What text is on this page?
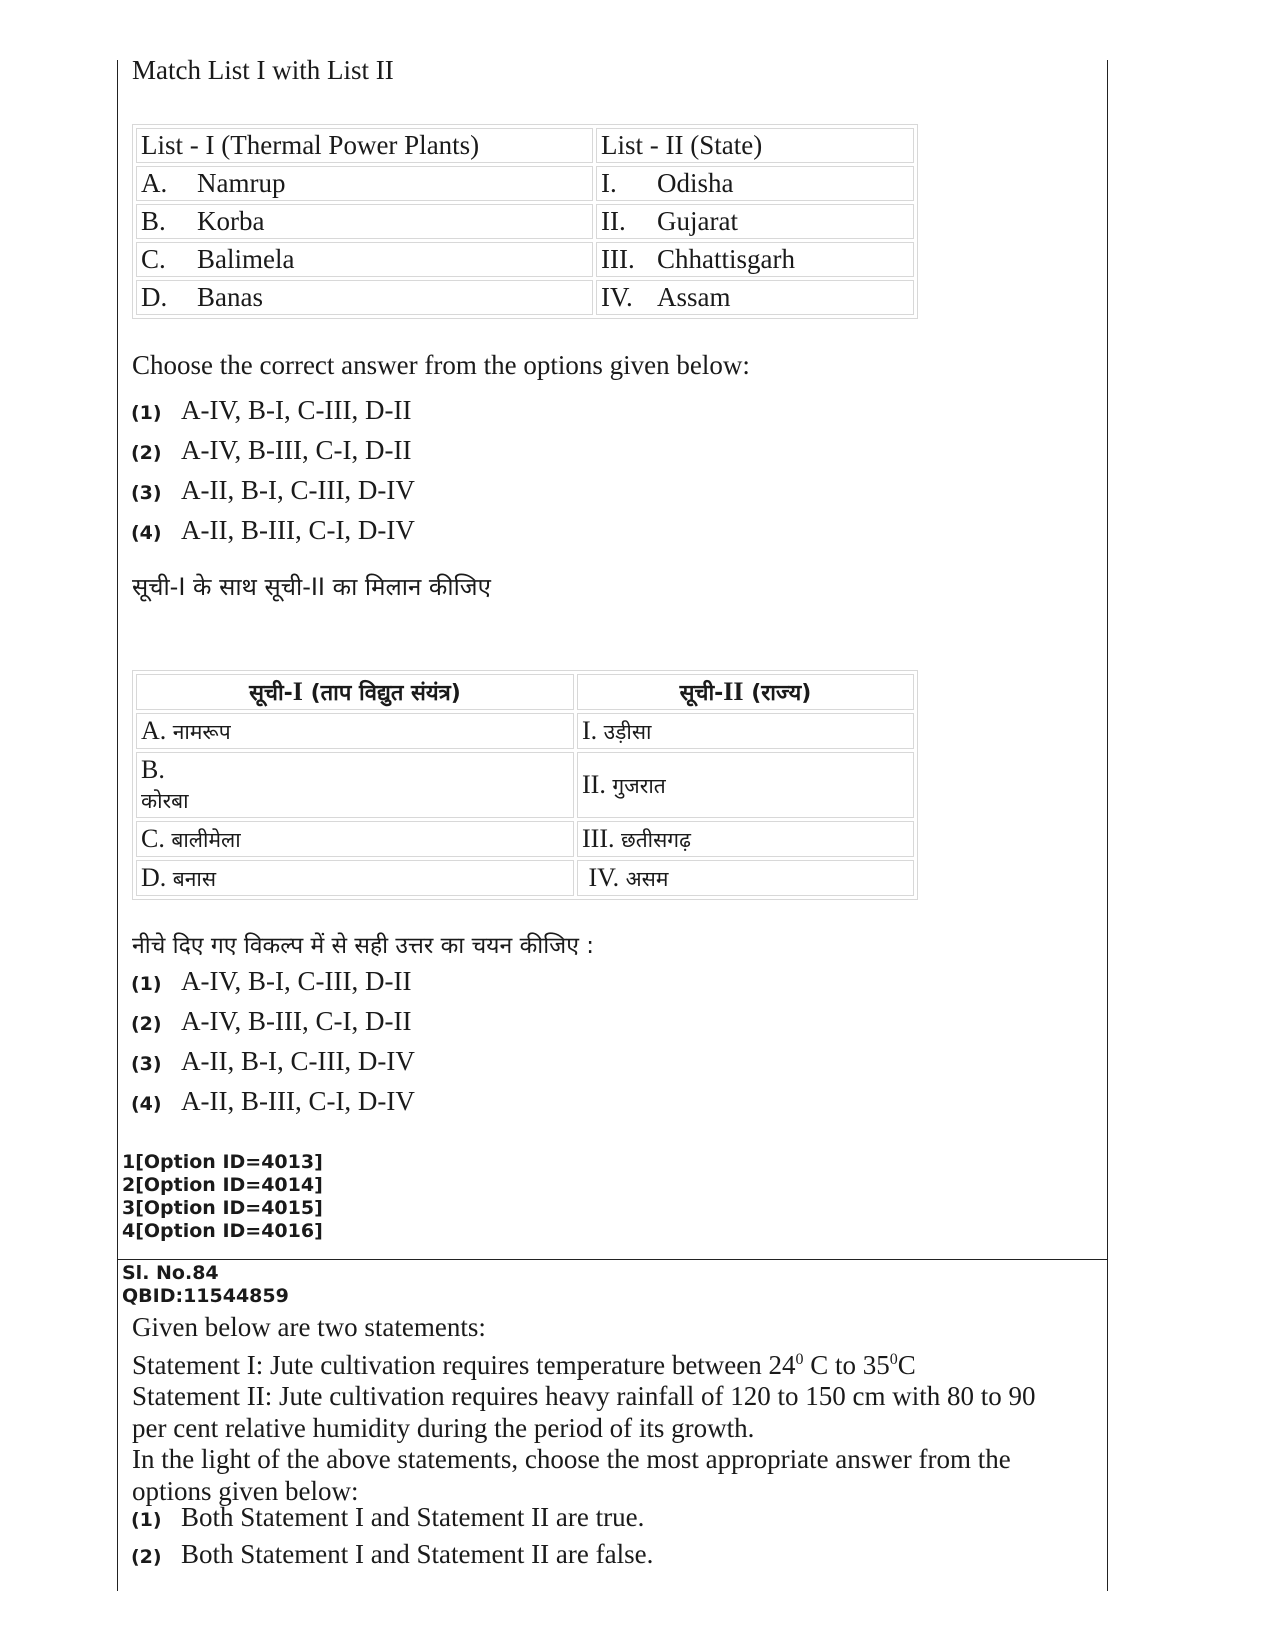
Match List I with List II
List - I (Thermal Power Plants)	List - II (State)
A. Namrup	I. Odisha
B. Korba	II. Gujarat
C. Balimela	III. Chhattisgarh
D. Banas	IV. Assam
Choose the correct answer from the options given below:
(1) A-IV, B-I, C-III, D-II
(2) A-IV, B-III, C-I, D-II
(3) A-II, B-I, C-III, D-IV
(4) A-II, B-III, C-I, D-IV
सूची-I के साथ सूची-II का मिलान कीजिए
सूची-I (ताप विद्युत संयंत्र)	सूची-II (राज्य)
A. नामरूप	I. उड़ीसा
B.
कोरबा	II. गुजरात
C. बालीमेला	III. छतीसगढ़
D. बनास	IV. असम
नीचे दिए गए विकल्प में से सही उत्तर का चयन कीजिए :
(1) A-IV, B-I, C-III, D-II
(2) A-IV, B-III, C-I, D-II
(3) A-II, B-I, C-III, D-IV
(4) A-II, B-III, C-I, D-IV
1[Option ID=4013]
2[Option ID=4014]
3[Option ID=4015]
4[Option ID=4016]
Sl. No.84
QBID:11544859
Given below are two statements:
Statement I: Jute cultivation requires temperature between $24^0$ C to $35^0C$
Statement II: Jute cultivation requires heavy rainfall of 120 to 150 cm with 80 to 90 per cent relative humidity during the period of its growth.
In the light of the above statements, choose the most appropriate answer from the options given below:
(1) Both Statement I and Statement II are true.
(2) Both Statement I and Statement II are false.
